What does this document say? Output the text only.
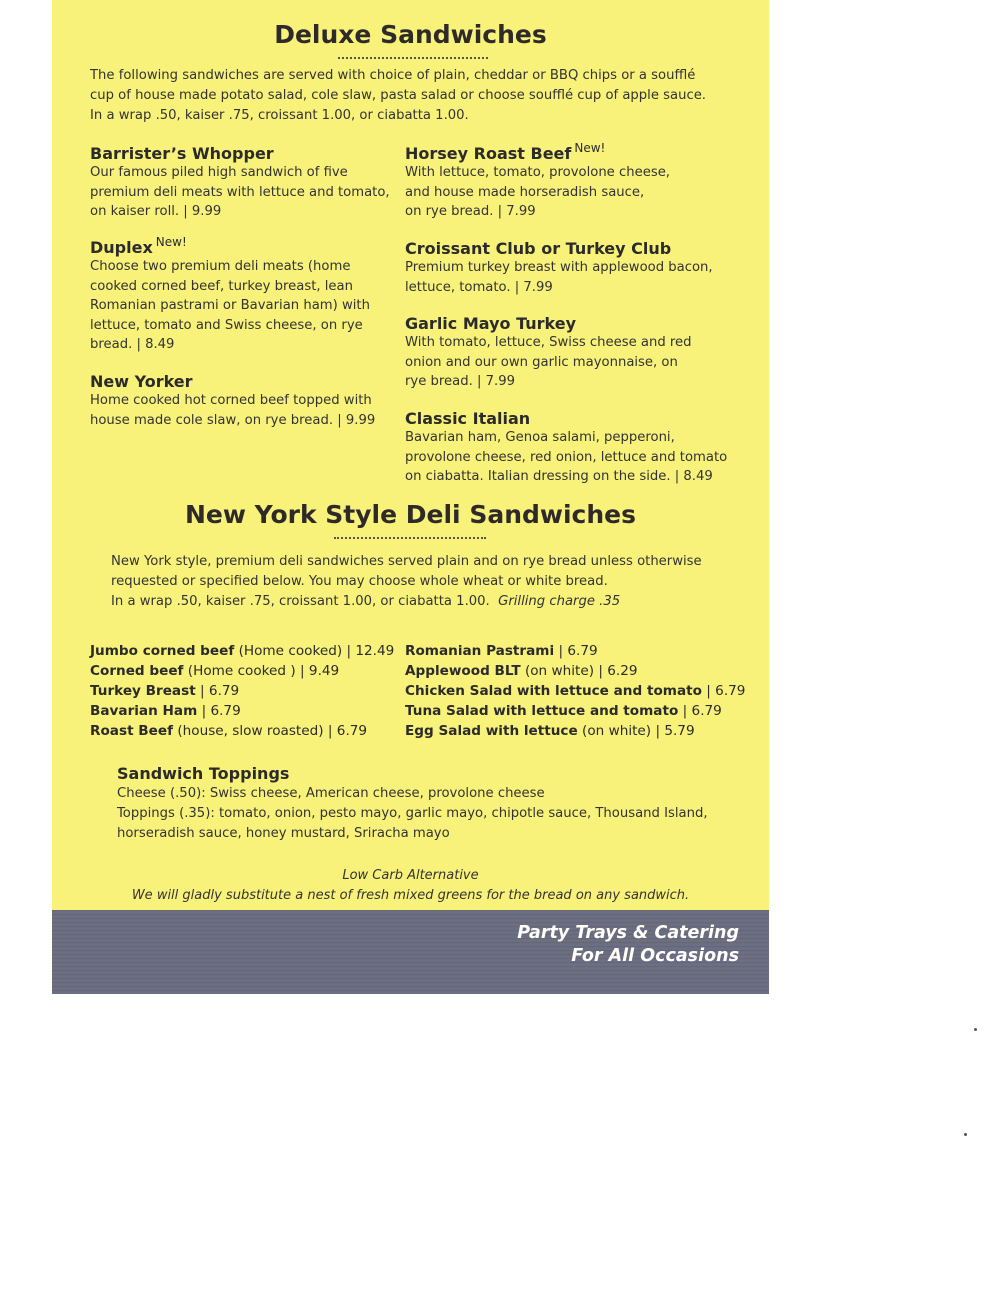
Deluxe Sandwiches
The following sandwiches are served with choice of plain, cheddar or BBQ chips or a soufflé
cup of house made potato salad, cole slaw, pasta salad or choose soufflé cup of apple sauce.
In a wrap .50, kaiser .75, croissant 1.00, or ciabatta 1.00.
Barrister’s Whopper
Our famous piled high sandwich of five
premium deli meats with lettuce and tomato,
on kaiser roll. | 9.99
Duplex $^{New!}$
Choose two premium deli meats (home
cooked corned beef, turkey breast, lean
Romanian pastrami or Bavarian ham) with
lettuce, tomato and Swiss cheese, on rye
bread. | 8.49
New Yorker
Home cooked hot corned beef topped with
house made cole slaw, on rye bread. | 9.99
Horsey Roast Beef $^{New!}$
With lettuce, tomato, provolone cheese,
and house made horseradish sauce,
on rye bread. | 7.99
Croissant Club or Turkey Club
Premium turkey breast with applewood bacon,
lettuce, tomato. | 7.99
Garlic Mayo Turkey
With tomato, lettuce, Swiss cheese and red
onion and our own garlic mayonnaise, on
rye bread. | 7.99
Classic Italian
Bavarian ham, Genoa salami, pepperoni,
provolone cheese, red onion, lettuce and tomato
on ciabatta. Italian dressing on the side. | 8.49
New York Style Deli Sandwiches
New York style, premium deli sandwiches served plain and on rye bread unless otherwise
requested or specified below. You may choose whole wheat or white bread.
In a wrap .50, kaiser .75, croissant 1.00, or ciabatta 1.00. Grilling charge .35
Jumbo corned beef (Home cooked) | 12.49
Corned beef (Home cooked ) | 9.49
Turkey Breast | 6.79
Bavarian Ham | 6.79
Roast Beef (house, slow roasted) | 6.79
Romanian Pastrami | 6.79
Applewood BLT (on white) | 6.29
Chicken Salad with lettuce and tomato | 6.79
Tuna Salad with lettuce and tomato | 6.79
Egg Salad with lettuce (on white) | 5.79
Sandwich Toppings
Cheese (.50): Swiss cheese, American cheese, provolone cheese
Toppings (.35): tomato, onion, pesto mayo, garlic mayo, chipotle sauce, Thousand Island,
horseradish sauce, honey mustard, Sriracha mayo
Low Carb Alternative
We will gladly substitute a nest of fresh mixed greens for the bread on any sandwich.
Party Trays & Catering
For All Occasions
